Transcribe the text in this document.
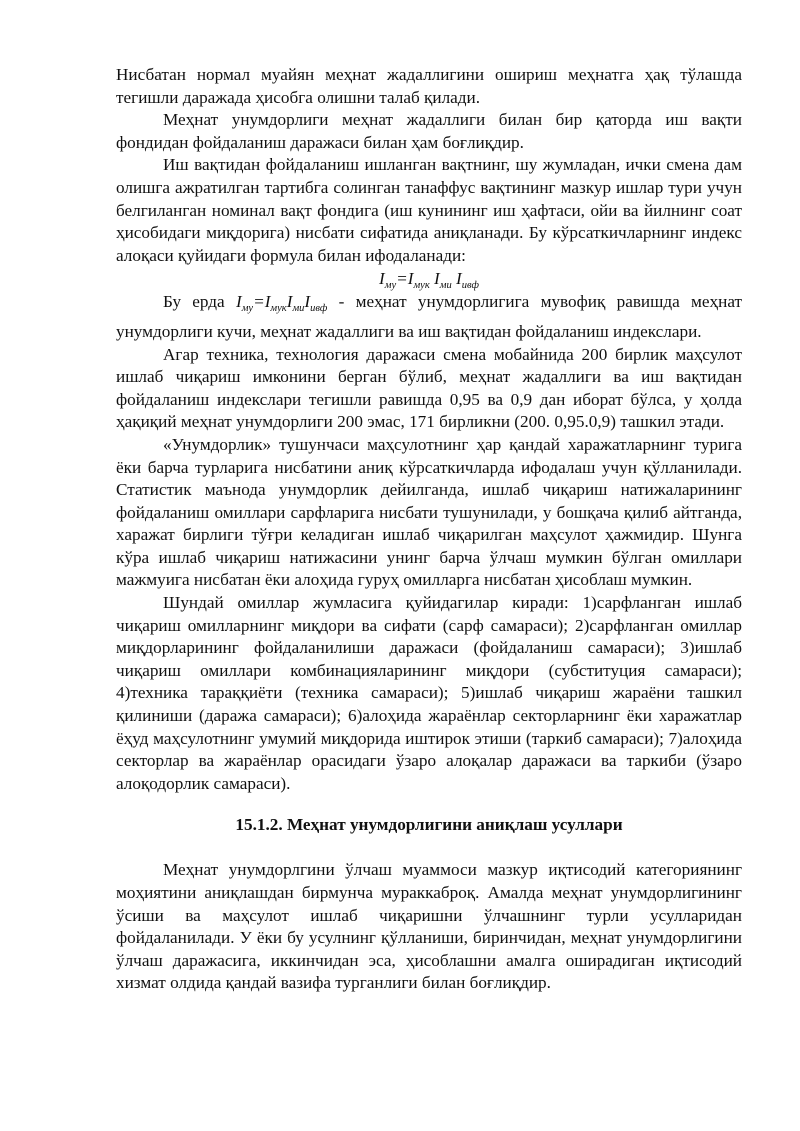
Нисбатан нормал муайян меҳнат жадаллигини ошириш меҳнатга ҳақ тўлашда тегишли даражада ҳисобга олишни талаб қилади.

Меҳнат унумдорлиги меҳнат жадаллиги билан бир қаторда иш вақти фондидан фойдаланиш даражаси билан ҳам боғлиқдир.

Иш вақтидан фойдаланиш ишланган вақтнинг, шу жумладан, ички смена дам олишга ажратилган тартибга солинган танаффус вақтининг мазкур ишлар тури учун белгиланган номинал вақт фондига (иш кунининг иш ҳафтаси, ойи ва йилнинг соат ҳисобидаги миқдорига) нисбати сифатида аниқланади. Бу кўрсаткичларнинг индекс алоқаси қуйидаги формула билан ифодаланади:

$I_{му}=I_{мук}$ $I_{ми}$ $I_{ивф}$

Бу ерда $I_{му}=I_{мук}I_{ми}I_{ивф}$ - меҳнат унумдорлигига мувофиқ равишда меҳнат унумдорлиги кучи, меҳнат жадаллиги ва иш вақтидан фойдаланиш индекслари.

Агар техника, технология даражаси смена мобайнида 200 бирлик маҳсулот ишлаб чиқариш имконини берган бўлиб, меҳнат жадаллиги ва иш вақтидан фойдаланиш индекслари тегишли равишда 0,95 ва 0,9 дан иборат бўлса, у ҳолда ҳақиқий меҳнат унумдорлиги 200 эмас, 171 бирликни (200. 0,95.0,9) ташкил этади.

«Унумдорлик» тушунчаси маҳсулотнинг ҳар қандай харажатларнинг турига ёки барча турларига нисбатини аниқ кўрсаткичларда ифодалаш учун қўлланилади. Статистик маънода унумдорлик дейилганда, ишлаб чиқариш натижаларининг фойдаланиш омиллари сарфларига нисбати тушунилади, у бошқача қилиб айтганда, харажат бирлиги тўғри келадиган ишлаб чиқарилган маҳсулот ҳажмидир. Шунга кўра ишлаб чиқариш натижасини унинг барча ўлчаш мумкин бўлган омиллари мажмуига нисбатан ёки алоҳида гуруҳ омилларга нисбатан ҳисоблаш мумкин.

Шундай омиллар жумласига қуйидагилар киради: 1)сарфланган ишлаб чиқариш омилларнинг миқдори ва сифати (сарф самараси); 2)сарфланган омиллар миқдорларининг фойдаланилиши даражаси (фойдаланиш самараси); 3)ишлаб чиқариш омиллари комбинацияларининг миқдори (субституция самараси); 4)техника тараққиёти (техника самараси); 5)ишлаб чиқариш жараёни ташкил қилиниши (даража самараси); 6)алоҳида жараёнлар секторларнинг ёки харажатлар ёҳуд маҳсулотнинг умумий миқдорида иштирок этиши (таркиб самараси); 7)алоҳида секторлар ва жараёнлар орасидаги ўзаро алоқалар даражаси ва таркиби (ўзаро алоқодорлик самараси).

15.1.2. Меҳнат унумдорлигини аниқлаш усуллари

Меҳнат унумдорлгини ўлчаш муаммоси мазкур иқтисодий категориянинг моҳиятини аниқлашдан бирмунча мураккаброқ. Амалда меҳнат унумдорлигининг ўсиши ва маҳсулот ишлаб чиқаришни ўлчашнинг турли усулларидан фойдаланилади. У ёки бу усулнинг қўлланиши, биринчидан, меҳнат унумдорлигини ўлчаш даражасига, иккинчидан эса, ҳисоблашни амалга оширадиган иқтисодий хизмат олдида қандай вазифа турганлиги билан боғлиқдир.
